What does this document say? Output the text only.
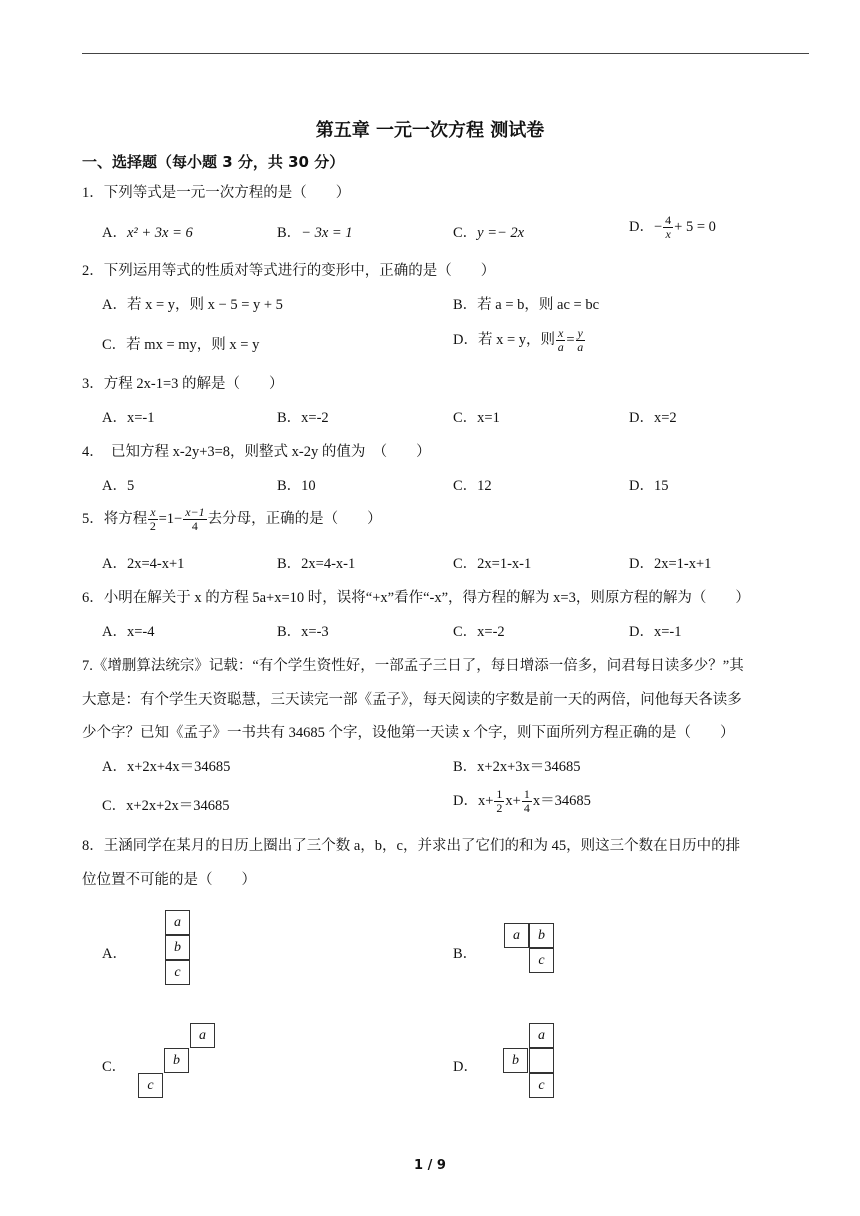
第五章 一元一次方程 测试卷
一、选择题（每小题 3 分，共 30 分）
1．下列等式是一元一次方程的是（　　）
A．x² + 3x = 6	B．− 3x = 1	C．y =− 2x	D．− $\frac{4}{x} + 5 = 0$
2．下列运用等式的性质对等式进行的变形中，正确的是（　　）
A．若 x = y，则 x − 5 = y + 5	B．若 a = b，则 ac = bc
C．若 mx = my，则 x = y	D．若 x = y，则 $\frac{x}{a} = \frac{y}{a}$
3．方程 2x-1=3 的解是（　　）
A．x=-1	B．x=-2	C．x=1	D．x=2
4．　已知方程 x-2y+3=8，则整式 x-2y 的值为　（　　）
A．5	B．10	C．12	D．15
5．将方程 $\frac{x}{2} =1- \frac{x-1}{4}$ 去分母，正确的是（　　）
A．2x=4-x+1	B．2x=4-x-1	C．2x=1-x-1	D．2x=1-x+1
6．小明在解关于 x 的方程 5a+x=10 时，误将“+x”看作“-x”，得方程的解为 x=3，则原方程的解为（　　）
A．x=-4	B．x=-3	C．x=-2	D．x=-1
7.《增删算法统宗》记载：“有个学生资性好，一部孟子三日了，每日增添一倍多，问君每日读多少？”其
大意是：有个学生天资聪慧，三天读完一部《孟子》，每天阅读的字数是前一天的两倍，问他每天各读多
少个字？已知《孟子》一书共有 34685 个字，设他第一天读 x 个字，则下面所列方程正确的是（　　）
A．x+2x+4x＝34685	B．x+2x+3x＝34685
C．x+2x+2x＝34685	D．$x+ \frac{1}{2} x+ \frac{1}{4} x=34685$
8．王涵同学在某月的日历上圈出了三个数 a，b，c，并求出了它们的和为 45，则这三个数在日历中的排
位位置不可能的是（　　）
A．
a
b
c
B．
a	b
c
C．
a
b
c
D．
a
b
c
1 / 9
